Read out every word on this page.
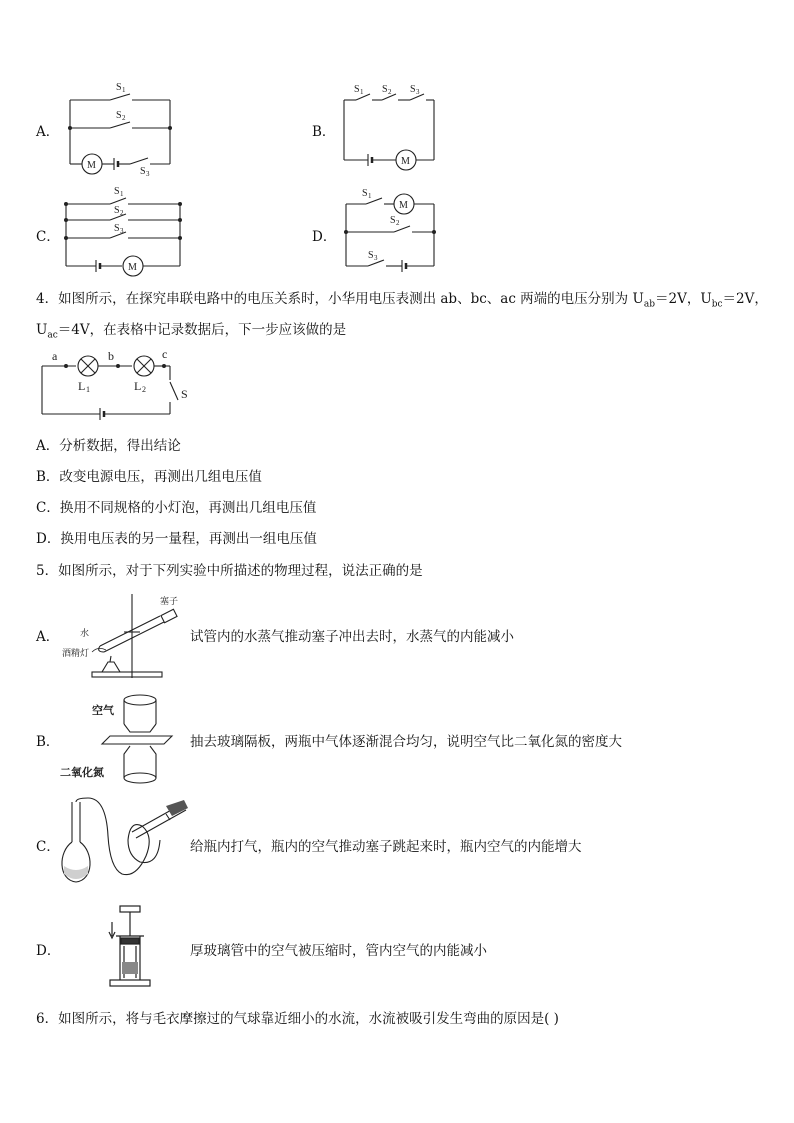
A．
S 1
S 2
S 3
M
B．
S 1 S 2 S 3
M
C．
S 1
S 2
S 3
M
D．
S 1
S 2
S 3
M
4．如图所示，在探究串联电路中的电压关系时，小华用电压表测出 ab、bc、ac 两端的电压分别为 $U_{ab}=2V$，$U_{bc}=2V$，
$U_{ac}=4V$，在表格中记录数据后，下一步应该做的是
a	b	c
L 1	L 2	S
A．分析数据，得出结论
B．改变电源电压，再测出几组电压值
C．换用不同规格的小灯泡，再测出几组电压值
D．换用电压表的另一量程，再测出一组电压值
5．如图所示，对于下列实验中所描述的物理过程，说法正确的是
A．
塞子
水
酒精灯
试管内的水蒸气推动塞子冲出去时，水蒸气的内能减小
B．
空气
二氧化氮
抽去玻璃隔板，两瓶中气体逐渐混合均匀，说明空气比二氧化氮的密度大
C．	给瓶内打气，瓶内的空气推动塞子跳起来时，瓶内空气的内能增大
D．	厚玻璃管中的空气被压缩时，管内空气的内能减小
6．如图所示，将与毛衣摩擦过的气球靠近细小的水流，水流被吸引发生弯曲的原因是( )
